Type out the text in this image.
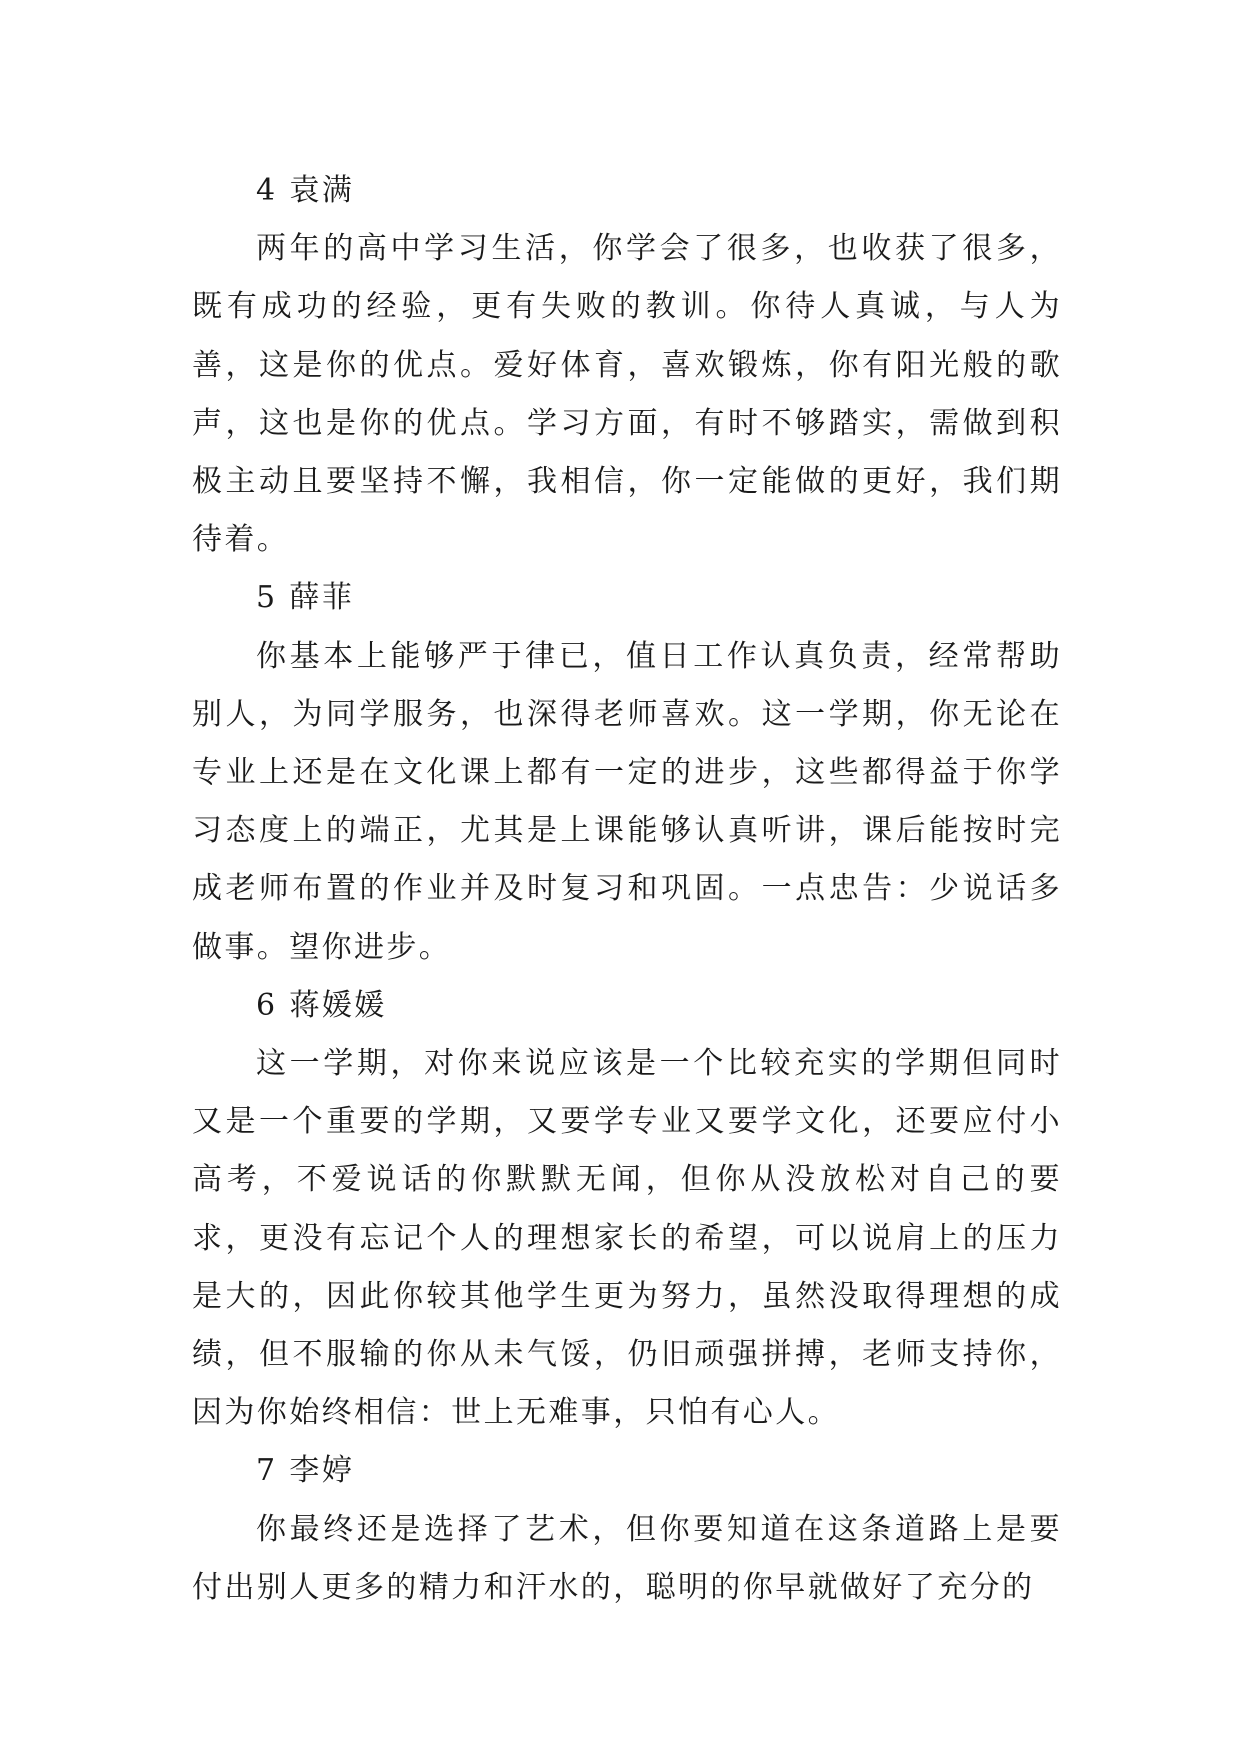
4 袁满

两年的高中学习生活，你学会了很多，也收获了很多，既有成功的经验，更有失败的教训。你待人真诚，与人为善，这是你的优点。爱好体育，喜欢锻炼，你有阳光般的歌声，这也是你的优点。学习方面，有时不够踏实，需做到积极主动且要坚持不懈，我相信，你一定能做的更好，我们期待着。

5 薛菲

你基本上能够严于律已，值日工作认真负责，经常帮助别人，为同学服务，也深得老师喜欢。这一学期，你无论在专业上还是在文化课上都有一定的进步，这些都得益于你学习态度上的端正，尤其是上课能够认真听讲，课后能按时完成老师布置的作业并及时复习和巩固。一点忠告：少说话多做事。望你进步。

6 蒋媛媛

这一学期，对你来说应该是一个比较充实的学期但同时又是一个重要的学期，又要学专业又要学文化，还要应付小高考，不爱说话的你默默无闻，但你从没放松对自己的要求，更没有忘记个人的理想家长的希望，可以说肩上的压力是大的，因此你较其他学生更为努力，虽然没取得理想的成绩，但不服输的你从未气馁，仍旧顽强拼搏，老师支持你，因为你始终相信：世上无难事，只怕有心人。

7 李婷

你最终还是选择了艺术，但你要知道在这条道路上是要付出别人更多的精力和汗水的，聪明的你早就做好了充分的
